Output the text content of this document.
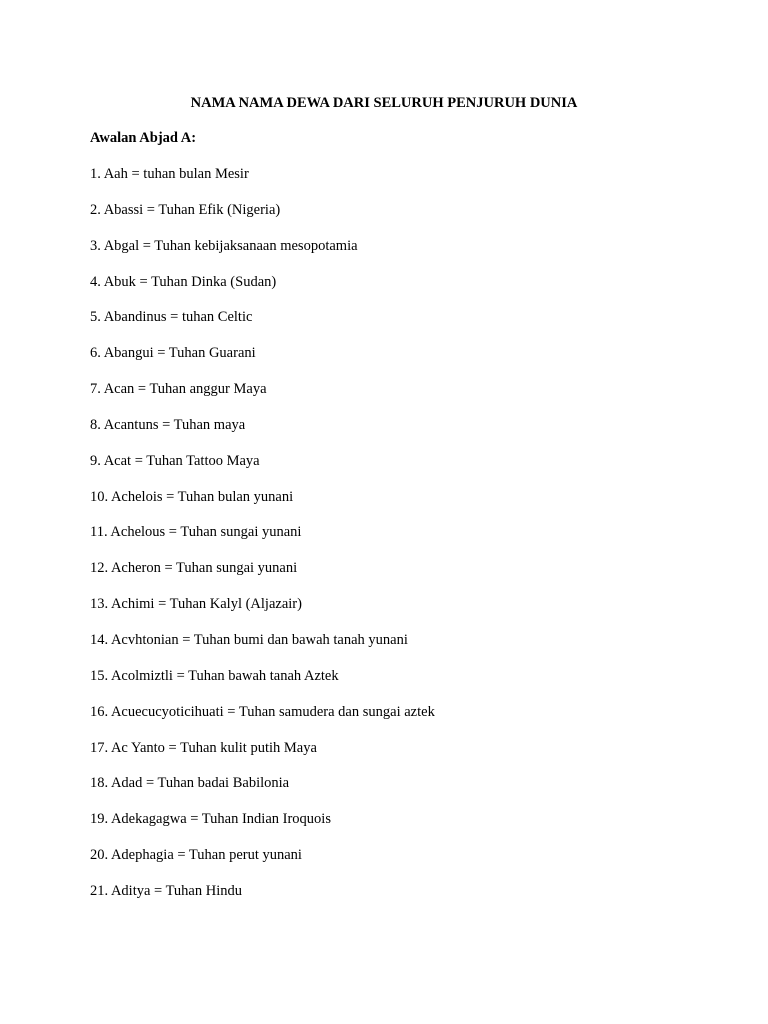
NAMA NAMA DEWA DARI SELURUH PENJURUH DUNIA

Awalan Abjad A:

1. Aah = tuhan bulan Mesir
2. Abassi = Tuhan Efik (Nigeria)
3. Abgal = Tuhan kebijaksanaan mesopotamia
4. Abuk = Tuhan Dinka (Sudan)
5. Abandinus = tuhan Celtic
6. Abangui = Tuhan Guarani
7. Acan = Tuhan anggur Maya
8. Acantuns = Tuhan maya
9. Acat = Tuhan Tattoo Maya
10. Achelois = Tuhan bulan yunani
11. Achelous = Tuhan sungai yunani
12. Acheron = Tuhan sungai yunani
13. Achimi = Tuhan Kalyl (Aljazair)
14. Acvhtonian = Tuhan bumi dan bawah tanah yunani
15. Acolmiztli = Tuhan bawah tanah Aztek
16. Acuecucyoticihuati = Tuhan samudera dan sungai aztek
17. Ac Yanto = Tuhan kulit putih Maya
18. Adad = Tuhan badai Babilonia
19. Adekagagwa = Tuhan Indian Iroquois
20. Adephagia = Tuhan perut yunani
21. Aditya = Tuhan Hindu
